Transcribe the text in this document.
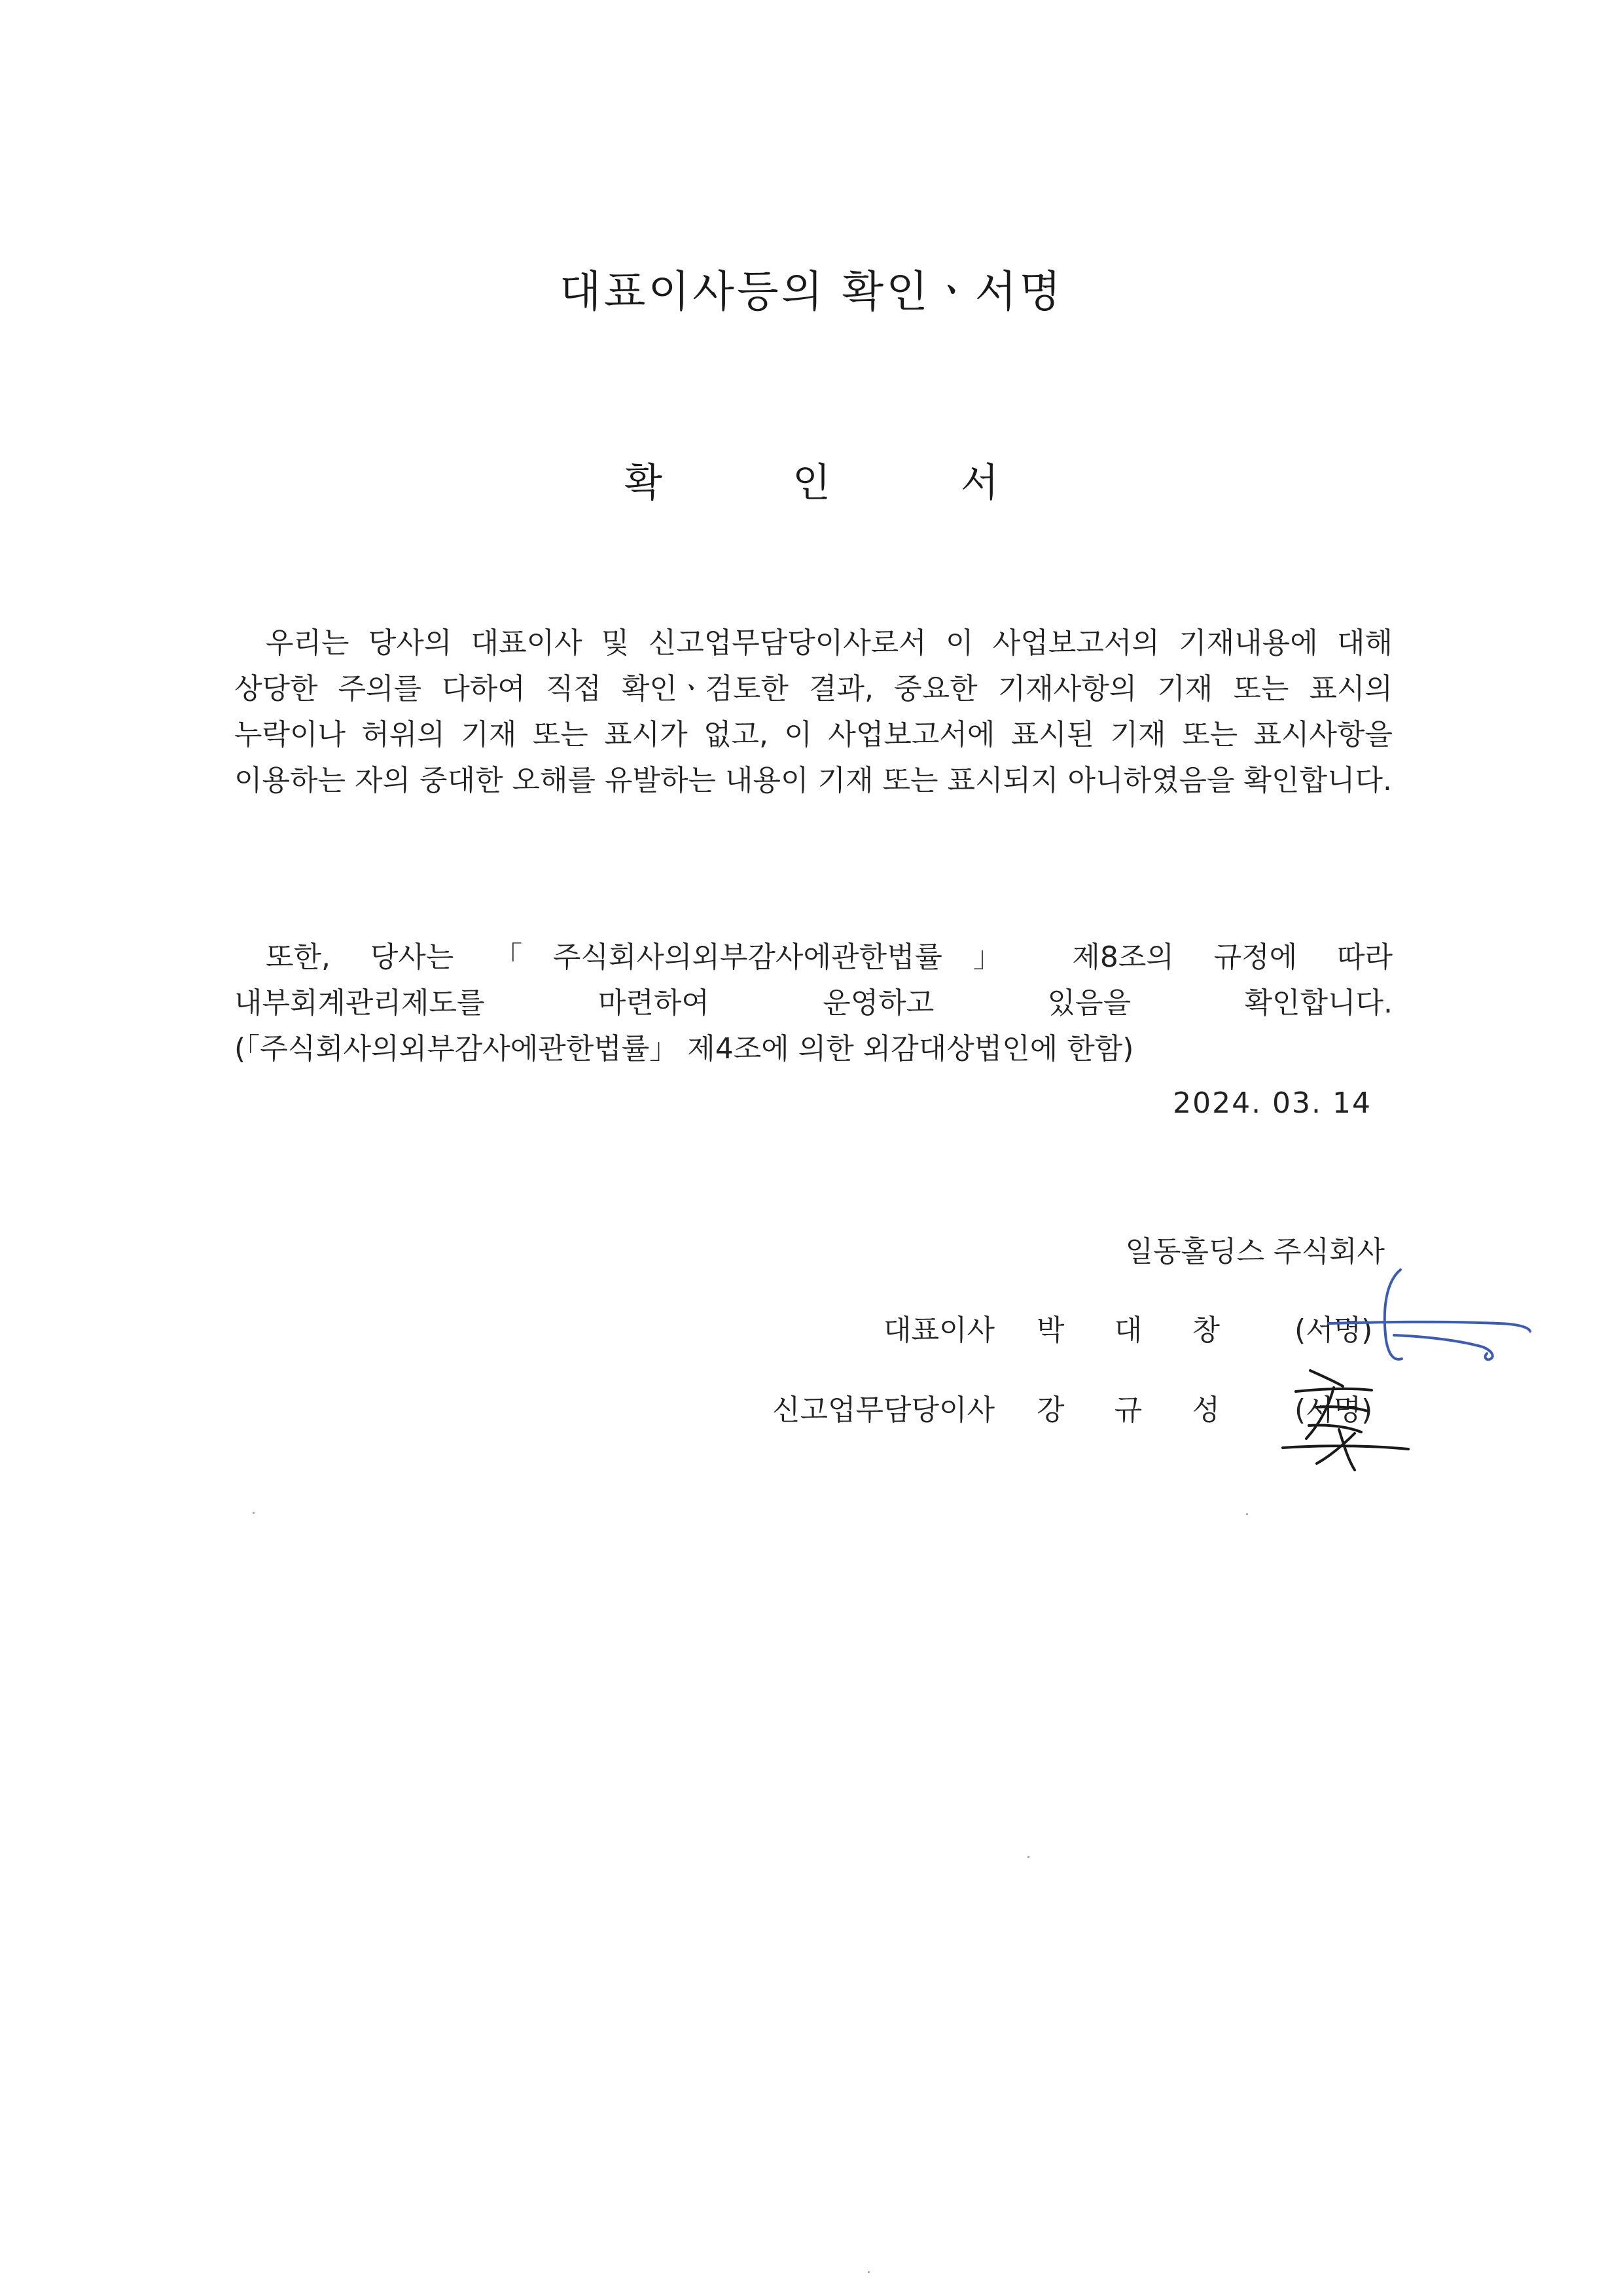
대표이사등의 확인ㆍ서명
확 인 서

우리는 당사의 대표이사 및 신고업무담당이사로서 이 사업보고서의 기재내용에 대해 상당한 주의를 다하여 직접 확인ㆍ검토한 결과, 중요한 기재사항의 기재 또는 표시의 누락이나 허위의 기재 또는 표시가 없고, 이 사업보고서에 표시된 기재 또는 표시사항을 이용하는 자의 중대한 오해를 유발하는 내용이 기재 또는 표시되지 아니하였음을 확인합니다.

또한, 당사는 「주식회사의외부감사에관한법률」 제8조의 규정에 따라 내부회계관리제도를 마련하여 운영하고 있음을 확인합니다. (「주식회사의외부감사에관한법률」 제4조에 의한 외감대상법인에 한함)

2024. 03. 14
일동홀딩스 주식회사
대표이사 박 대 창	(서명)
신고업무담당이사 강 규 성	(서명)
